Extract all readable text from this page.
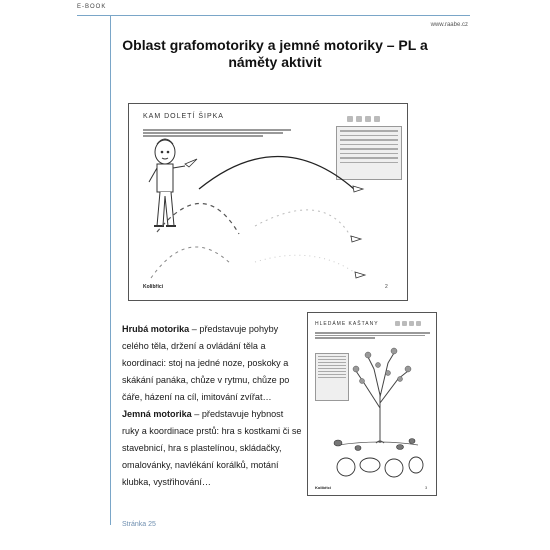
E-BOOK
www.raabe.cz
Oblast grafomotoriky a jemné motoriky – PL a náměty aktivit
KAM DOLETÍ ŠIPKA
Kolibříci	2
HLEDÁME KAŠTANY
Kolibříci	3

Hrubá motorika – představuje pohyby celého těla, držení a ovládání těla a koordinaci: stoj na jedné noze, poskoky a skákání panáka, chůze v rytmu, chůze po čáře, házení na cíl, imitování zvířat…

Jemná motorika – představuje hybnost ruky a koordinace prstů: hra s kostkami či se stavebnicí, hra s plastelínou, skládačky, omalovánky, navlékání korálků, motání klubka, vystřihování…

Stránka 25
